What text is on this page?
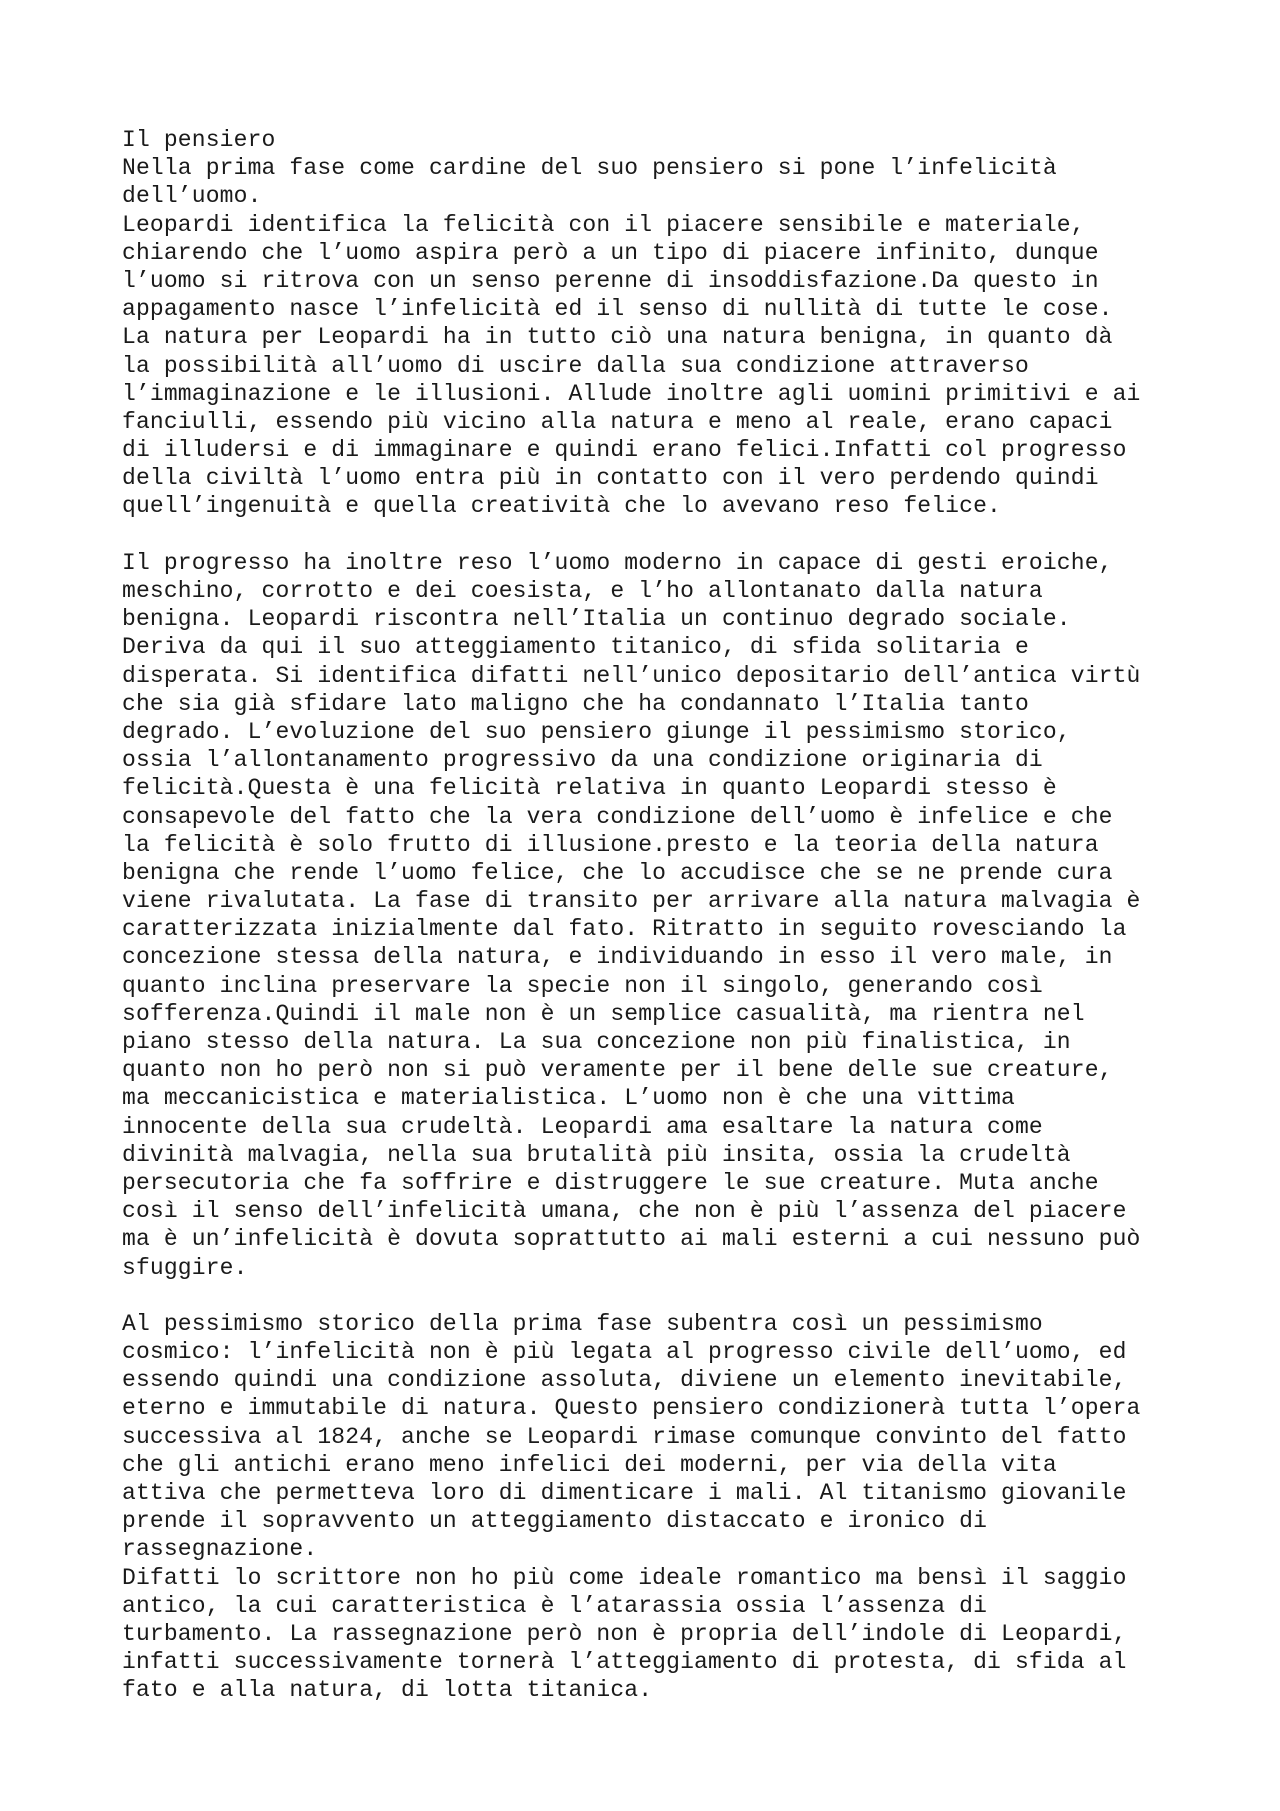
Il pensiero
Nella prima fase come cardine del suo pensiero si pone l’infelicità
dell’uomo.
Leopardi identifica la felicità con il piacere sensibile e materiale,
chiarendo che l’uomo aspira però a un tipo di piacere infinito, dunque
l’uomo si ritrova con un senso perenne di insoddisfazione.Da questo in
appagamento nasce l’infelicità ed il senso di nullità di tutte le cose.
La natura per Leopardi ha in tutto ciò una natura benigna, in quanto dà
la possibilità all’uomo di uscire dalla sua condizione attraverso
l’immaginazione e le illusioni. Allude inoltre agli uomini primitivi e ai
fanciulli, essendo più vicino alla natura e meno al reale, erano capaci
di illudersi e di immaginare e quindi erano felici.Infatti col progresso
della civiltà l’uomo entra più in contatto con il vero perdendo quindi
quell’ingenuità e quella creatività che lo avevano reso felice.
Il progresso ha inoltre reso l’uomo moderno in capace di gesti eroiche,
meschino, corrotto e dei coesista, e l’ho allontanato dalla natura
benigna. Leopardi riscontra nell’Italia un continuo degrado sociale.
Deriva da qui il suo atteggiamento titanico, di sfida solitaria e
disperata. Si identifica difatti nell’unico depositario dell’antica virtù
che sia già sfidare lato maligno che ha condannato l’Italia tanto
degrado. L’evoluzione del suo pensiero giunge il pessimismo storico,
ossia l’allontanamento progressivo da una condizione originaria di
felicità.Questa è una felicità relativa in quanto Leopardi stesso è
consapevole del fatto che la vera condizione dell’uomo è infelice e che
la felicità è solo frutto di illusione.presto e la teoria della natura
benigna che rende l’uomo felice, che lo accudisce che se ne prende cura
viene rivalutata. La fase di transito per arrivare alla natura malvagia è
caratterizzata inizialmente dal fato. Ritratto in seguito rovesciando la
concezione stessa della natura, e individuando in esso il vero male, in
quanto inclina preservare la specie non il singolo, generando così
sofferenza.Quindi il male non è un semplice casualità, ma rientra nel
piano stesso della natura. La sua concezione non più finalistica, in
quanto non ho però non si può veramente per il bene delle sue creature,
ma meccanicistica e materialistica. L’uomo non è che una vittima
innocente della sua crudeltà. Leopardi ama esaltare la natura come
divinità malvagia, nella sua brutalità più insita, ossia la crudeltà
persecutoria che fa soffrire e distruggere le sue creature. Muta anche
così il senso dell’infelicità umana, che non è più l’assenza del piacere
ma è un’infelicità è dovuta soprattutto ai mali esterni a cui nessuno può
sfuggire.
Al pessimismo storico della prima fase subentra così un pessimismo
cosmico: l’infelicità non è più legata al progresso civile dell’uomo, ed
essendo quindi una condizione assoluta, diviene un elemento inevitabile,
eterno e immutabile di natura. Questo pensiero condizionerà tutta l’opera
successiva al 1824, anche se Leopardi rimase comunque convinto del fatto
che gli antichi erano meno infelici dei moderni, per via della vita
attiva che permetteva loro di dimenticare i mali. Al titanismo giovanile
prende il sopravvento un atteggiamento distaccato e ironico di
rassegnazione.
Difatti lo scrittore non ho più come ideale romantico ma bensì il saggio
antico, la cui caratteristica è l’atarassia ossia l’assenza di
turbamento. La rassegnazione però non è propria dell’indole di Leopardi,
infatti successivamente tornerà l’atteggiamento di protesta, di sfida al
fato e alla natura, di lotta titanica.
